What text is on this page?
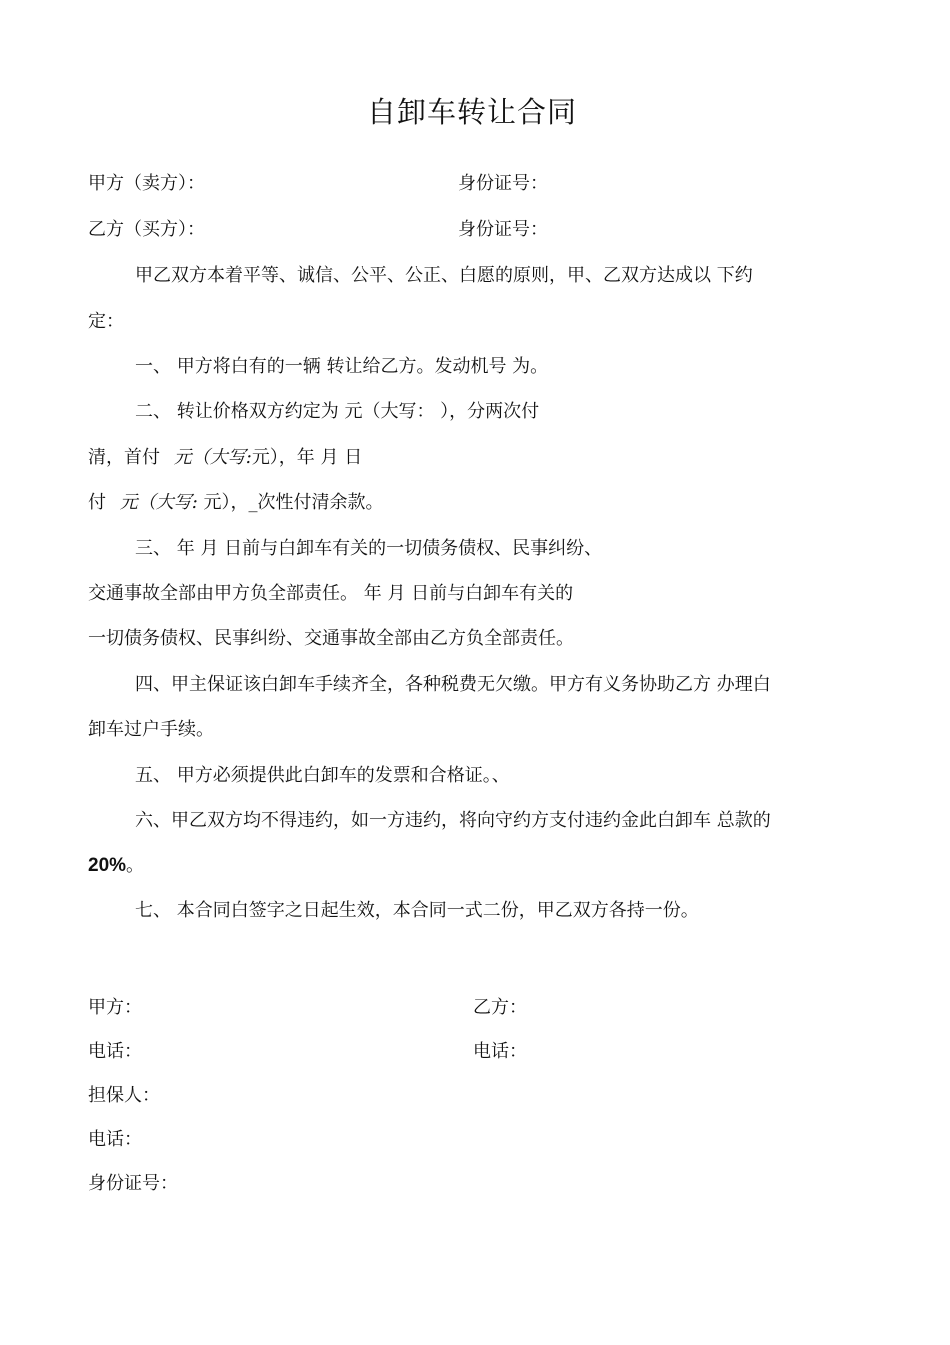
自卸车转让合同
甲方（卖方）：	身份证号：
乙方（买方）：	身份证号：
甲乙双方本着平等、诚信、公平、公正、白愿的原则，甲、乙双方达成以 下约
定：
一、 甲方将白有的一辆 转让给乙方。发动机号 为。
二、 转让价格双方约定为 元（大写： ），分两次付
清，首付 元（大写:元），年 月 日
付 元（大写: 元），_次性付清余款。
三、 年 月 日前与白卸车有关的一切债务债权、民事纠纷、
交通事故全部由甲方负全部责任。 年 月 日前与白卸车有关的
一切债务债权、民事纠纷、交通事故全部由乙方负全部责任。
四、甲主保证该白卸车手续齐全，各种税费无欠缴。甲方有义务协助乙方 办理白
卸车过户手续。
五、 甲方必须提供此白卸车的发票和合格证。、
六、甲乙双方均不得违约，如一方违约，将向守约方支付违约金此白卸车 总款的
20%。
七、 本合同白签字之日起生效，本合同一式二份，甲乙双方各持一份。
甲方：	乙方：
电话：	电话：
担保人：
电话：
身份证号：
